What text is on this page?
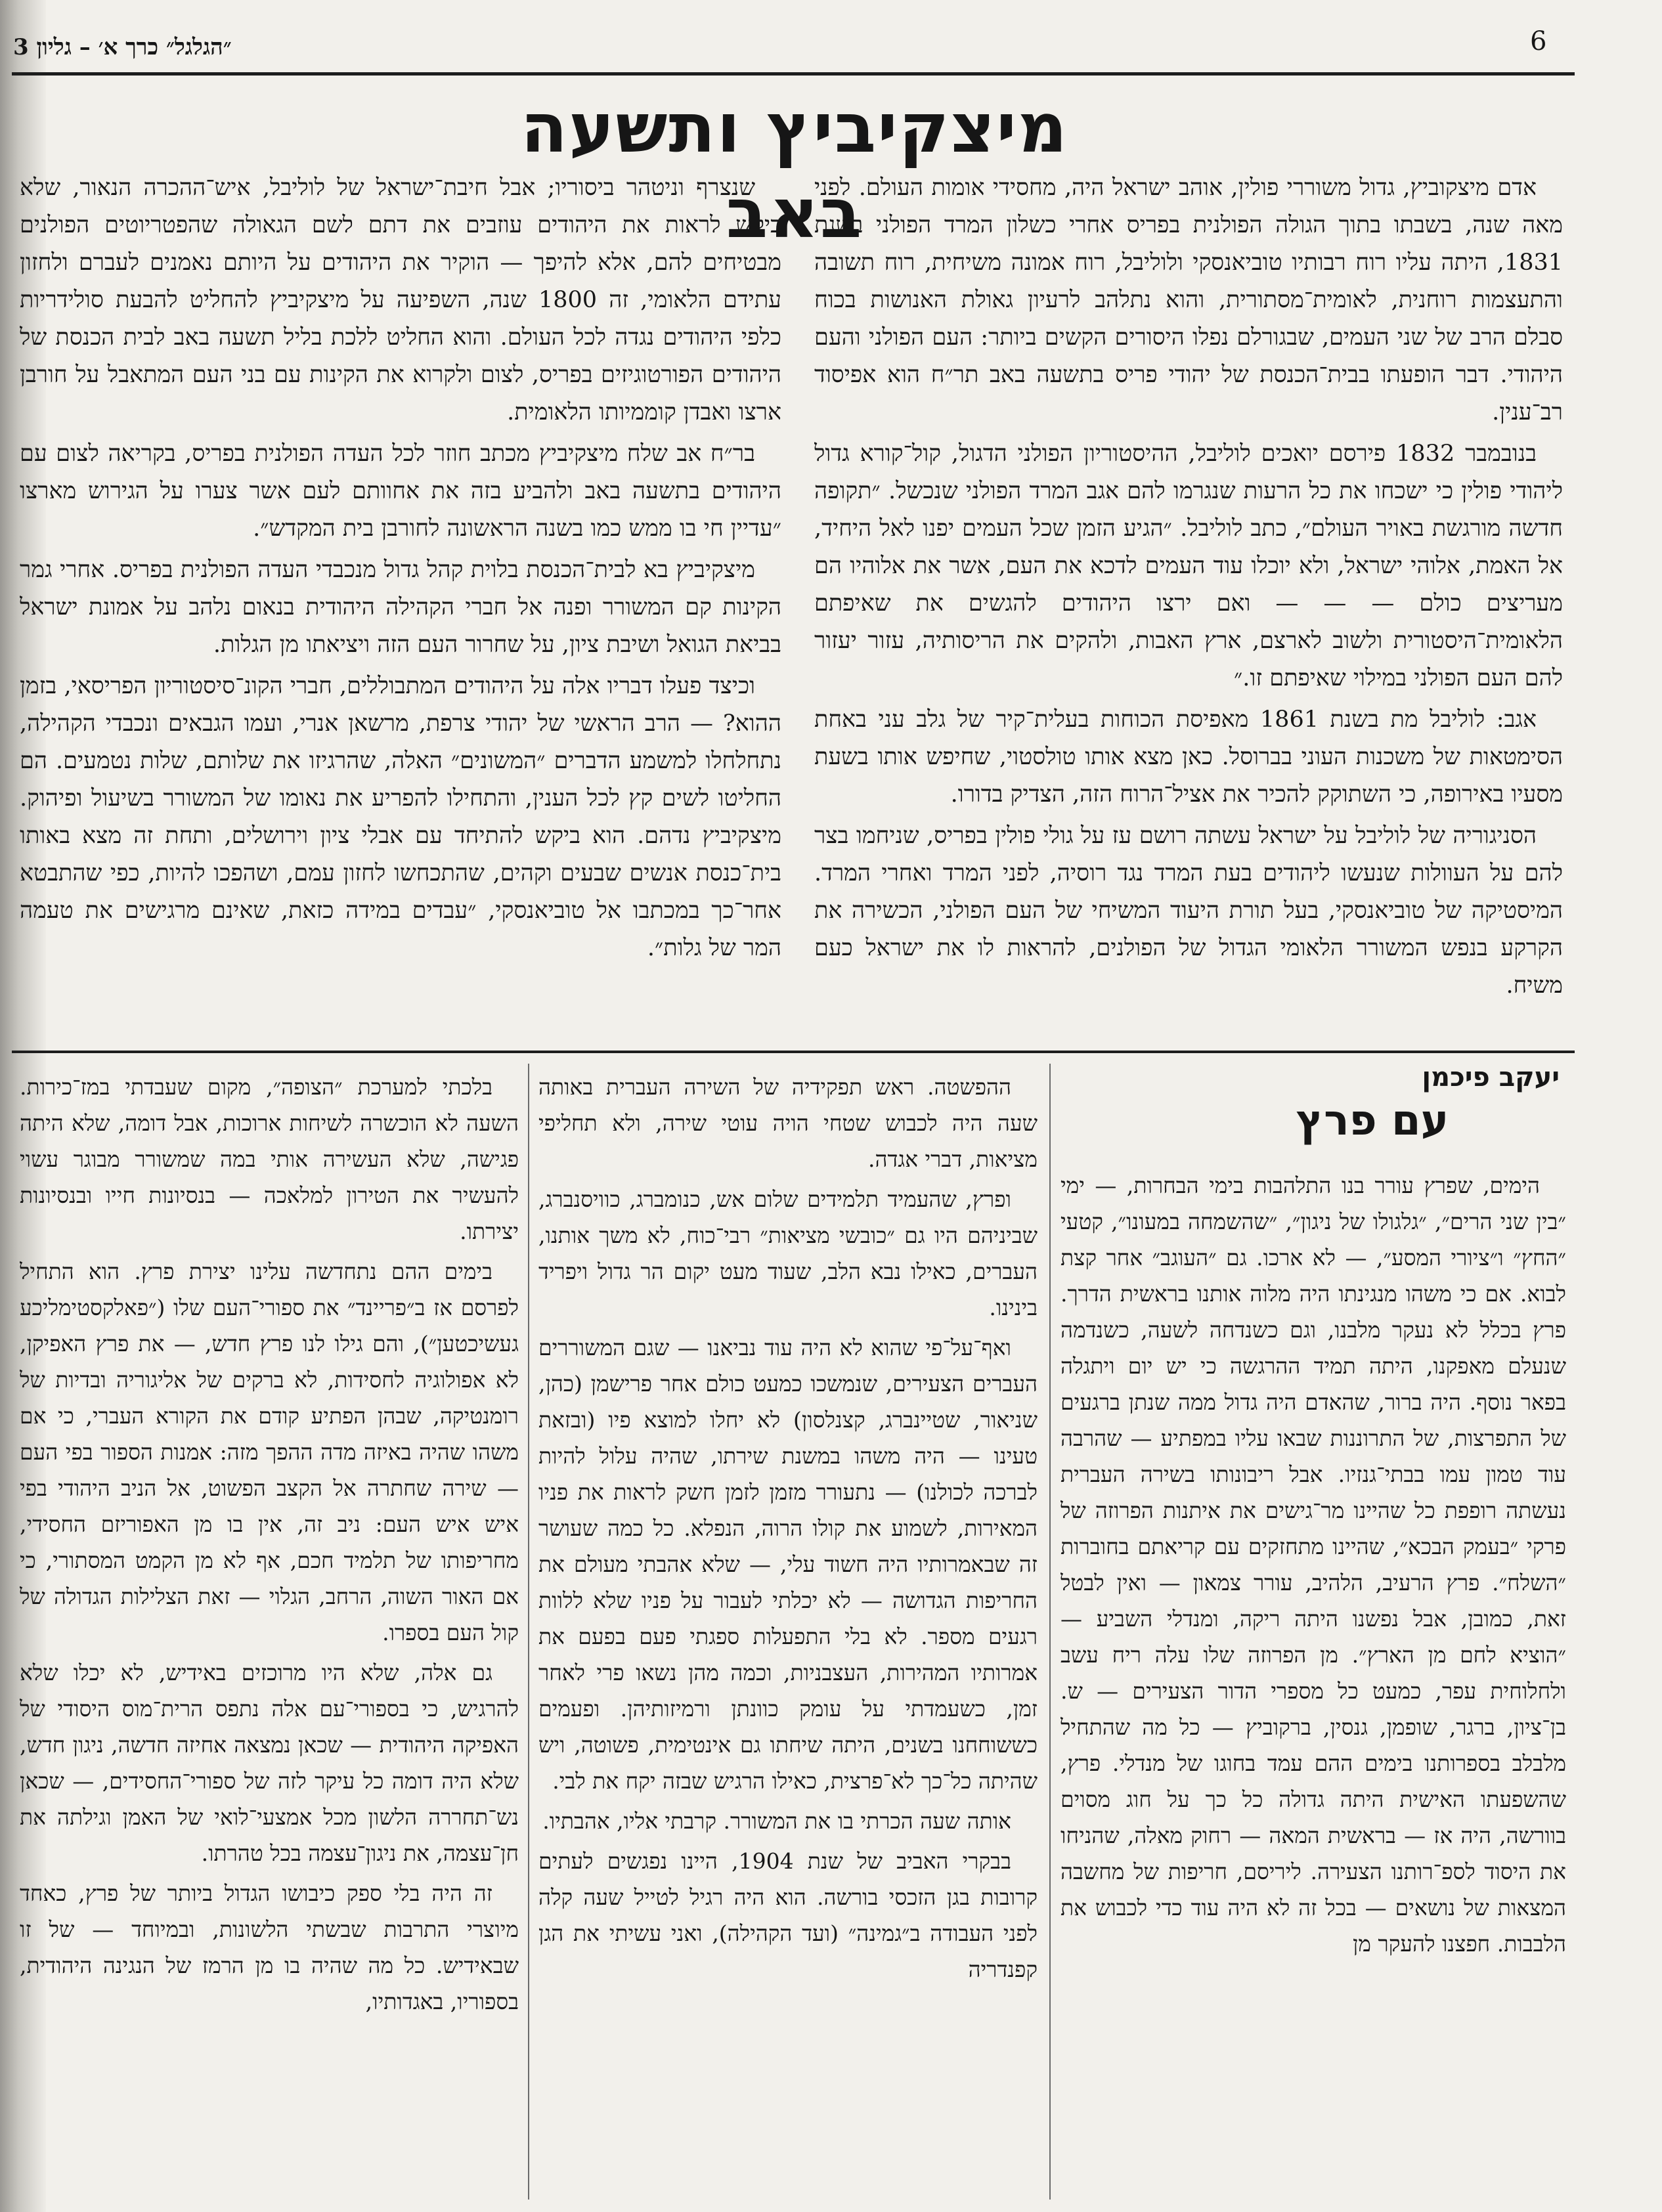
״הגלגל״ כרך א׳ – גליון 3	6
מיצקיביץ ותשעה באב

אדם מיצקוביץ, גדול משוררי פולין, אוהב ישראל היה, מחסידי אומות העולם. לפני מאה שנה, בשבתו בתוך הגולה הפולנית בפריס אחרי כשלון המרד הפולני בשנת 1831, היתה עליו רוח רבותיו טוביאנסקי ולוליבל, רוח אמונה משיחית, רוח תשובה והתעצמות רוחנית, לאומית־מסתורית, והוא נתלהב לרעיון גאולת האנושות בכוח סבלם הרב של שני העמים, שבגורלם נפלו היסורים הקשים ביותר: העם הפולני והעם היהודי. דבר הופעתו בבית־הכנסת של יהודי פריס בתשעה באב תר״ח הוא אפיסוד רב־ענין.

בנובמבר 1832 פירסם יואכים לוליבל, ההיסטוריון הפולני הדגול, קול־קורא גדול ליהודי פולין כי ישכחו את כל הרעות שנגרמו להם אגב המרד הפולני שנכשל. ״תקופה חדשה מורגשת באויר העולם״, כתב לוליבל. ״הגיע הזמן שכל העמים יפנו לאל היחיד, אל האמת, אלוהי ישראל, ולא יוכלו עוד העמים לדכא את העם, אשר את אלוהיו הם מעריצים כולם — — — ואם ירצו היהודים להגשים את שאיפתם הלאומית־היסטורית ולשוב לארצם, ארץ האבות, ולהקים את הריסותיה, עזור יעזור להם העם הפולני במילוי שאיפתם זו.״

אגב: לוליבל מת בשנת 1861 מאפיסת הכוחות בעלית־קיר של גלב עני באחת הסימטאות של משכנות העוני בברוסל. כאן מצא אותו טולסטוי, שחיפש אותו בשעת מסעיו באירופה, כי השתוקק להכיר את אציל־הרוח הזה, הצדיק בדורו.

הסניגוריה של לוליבל על ישראל עשתה רושם עז על גולי פולין בפריס, שניחמו בצר להם על העוולות שנעשו ליהודים בעת המרד נגד רוסיה, לפני המרד ואחרי המרד. המיסטיקה של טוביאנסקי, בעל תורת היעוד המשיחי של העם הפולני, הכשירה את הקרקע בנפש המשורר הלאומי הגדול של הפולנים, להראות לו את ישראל כעם משיח.

שנצרף וניטהר ביסוריו; אבל חיבת־ישראל של לוליבל, איש־ההכרה הנאור, שלא ביקש לראות את היהודים עוזבים את דתם לשם הגאולה שהפטריוטים הפולנים מבטיחים להם, אלא להיפך — הוקיר את היהודים על היותם נאמנים לעברם ולחזון עתידם הלאומי, זה 1800 שנה, השפיעה על מיצקיביץ להחליט להבעת סולידריות כלפי היהודים נגדה לכל העולם. והוא החליט ללכת בליל תשעה באב לבית הכנסת של היהודים הפורטוגיזים בפריס, לצום ולקרוא את הקינות עם בני העם המתאבל על חורבן ארצו ואבדן קוממיותו הלאומית.

בר״ח אב שלח מיצקיביץ מכתב חוזר לכל העדה הפולנית בפריס, בקריאה לצום עם היהודים בתשעה באב ולהביע בזה את אחוותם לעם אשר צערו על הגירוש מארצו ״עדיין חי בו ממש כמו בשנה הראשונה לחורבן בית המקדש״.

מיצקיביץ בא לבית־הכנסת בלוית קהל גדול מנכבדי העדה הפולנית בפריס. אחרי גמר הקינות קם המשורר ופנה אל חברי הקהילה היהודית בנאום נלהב על אמונת ישראל בביאת הגואל ושיבת ציון, על שחרור העם הזה ויציאתו מן הגלות.

וכיצד פעלו דבריו אלה על היהודים המתבוללים, חברי הקונ־סיסטוריון הפריסאי, בזמן ההוא? — הרב הראשי של יהודי צרפת, מרשאן אנרי, ועמו הגבאים ונכבדי הקהילה, נתחלחלו למשמע הדברים ״המשונים״ האלה, שהרגיזו את שלותם, שלות נטמעים. הם החליטו לשים קץ לכל הענין, והתחילו להפריע את נאומו של המשורר בשיעול ופיהוק. מיצקיביץ נדהם. הוא ביקש להתיחד עם אבלי ציון וירושלים, ותחת זה מצא באותו בית־כנסת אנשים שבעים וקהים, שהתכחשו לחזון עמם, ושהפכו להיות, כפי שהתבטא אחר־כך במכתבו אל טוביאנסקי, ״עבדים במידה כזאת, שאינם מרגישים את טעמה המר של גלות״.

יעקב פיכמן
עם פרץ

הימים, שפרץ עורר בנו התלהבות בימי הבחרות, — ימי ״בין שני הרים״, ״גלגולו של ניגון״, ״שהשמחה במעונו״, קטעי ״החץ״ ו״ציורי המסע״, — לא ארכו. גם ״העוגב״ אחר קצת לבוא. אם כי משהו מנגינתו היה מלוה אותנו בראשית הדרך. פרץ בכלל לא נעקר מלבנו, וגם כשנדחה לשעה, כשנדמה שנעלם מאפקנו, היתה תמיד ההרגשה כי יש יום ויתגלה בפאר נוסף. היה ברור, שהאדם היה גדול ממה שנתן ברגעים של התפרצות, של התרוננות שבאו עליו במפתיע — שהרבה עוד טמון עמו בבתי־גנזיו. אבל ריבונותו בשירה העברית נעשתה רופפת כל שהיינו מר־גישים את איתנות הפרוזה של פרקי ״בעמק הבכא״, שהיינו מתחזקים עם קריאתם בחוברות ״השלח״. פרץ הרעיב, הלהיב, עורר צמאון — ואין לבטל זאת, כמובן, אבל נפשנו היתה ריקה, ומנדלי השביע — ״הוציא לחם מן הארץ״. מן הפרוזה שלו עלה ריח עשב ולחלוחית עפר, כמעט כל מספרי הדור הצעירים — ש. בן־ציון, ברגר, שופמן, גנסין, ברקוביץ — כל מה שהתחיל מלבלב בספרותנו בימים ההם עמד בחוגו של מנדלי. פרץ, שהשפעתו האישית היתה גדולה כל כך על חוג מסוים בוורשה, היה אז — בראשית המאה — רחוק מאלה, שהניחו את היסוד לספ־רותנו הצעירה. ליריסם, חריפות של מחשבה המצאות של נושאים — בכל זה לא היה עוד כדי לכבוש את הלבבות. חפצנו להעקר מן

ההפשטה. ראש תפקידיה של השירה העברית באותה שעה היה לכבוש שטחי הויה עוטי שירה, ולא תחליפי מציאות, דברי אגדה.

ופרץ, שהעמיד תלמידים שלום אש, כנומברג, כוויסנברג, שביניהם היו גם ״כובשי מציאות״ רבי־כוח, לא משך אותנו, העברים, כאילו נבא הלב, שעוד מעט יקום הר גדול ויפריד בינינו.

ואף־על־פי שהוא לא היה עוד נביאנו — שגם המשוררים העברים הצעירים, שנמשכו כמעט כולם אחר פרישמן (כהן, שניאור, שטיינברג, קצנלסון) לא יחלו למוצא פיו (ובזאת טעינו — היה משהו במשנת שירתו, שהיה עלול להיות לברכה לכולנו) — נתעורר מזמן לזמן חשק לראות את פניו המאירות, לשמוע את קולו הרוה, הנפלא. כל כמה שעושר זה שבאמרותיו היה חשוד עלי, — שלא אהבתי מעולם את החריפות הגדושה — לא יכלתי לעבור על פניו שלא ללוות רגעים מספר. לא בלי התפעלות ספגתי פעם בפעם את אמרותיו המהירות, העצבניות, וכמה מהן נשאו פרי לאחר זמן, כשעמדתי על עומק כוונתן ורמיזותיהן. ופעמים כששוחחנו בשנים, היתה שיחתו גם אינטימית, פשוטה, ויש שהיתה כל־כך לא־פרצית, כאילו הרגיש שבזה יקח את לבי.

אותה שעה הכרתי בו את המשורר. קרבתי אליו, אהבתיו.

בבקרי האביב של שנת 1904, היינו נפגשים לעתים קרובות בגן הזכסי בורשה. הוא היה רגיל לטייל שעה קלה לפני העבודה ב״גמינה״ (ועד הקהילה), ואני עשיתי את הגן קפנדריה

בלכתי למערכת ״הצופה״, מקום שעבדתי במז־כירות. השעה לא הוכשרה לשיחות ארוכות, אבל דומה, שלא היתה פגישה, שלא העשירה אותי במה שמשורר מבוגר עשוי להעשיר את הטירון למלאכה — בנסיונות חייו ובנסיונות יצירתו.

בימים ההם נתחדשה עלינו יצירת פרץ. הוא התחיל לפרסם אז ב״פריינד״ את ספורי־העם שלו (״פאלקסטימליכע געשיכטען״), והם גילו לנו פרץ חדש, — את פרץ האפיקן, לא אפולוגיה לחסידות, לא ברקים של אליגוריה ובדיות של רומנטיקה, שבהן הפתיע קודם את הקורא העברי, כי אם משהו שהיה באיזה מדה ההפך מזה: אמנות הספור בפי העם — שירה שחתרה אל הקצב הפשוט, אל הניב היהודי בפי איש איש העם: ניב זה, אין בו מן האפוריזם החסידי, מחריפותו של תלמיד חכם, אף לא מן הקמט המסתורי, כי אם האור השוה, הרחב, הגלוי — זאת הצלילות הגדולה של קול העם בספרו.

גם אלה, שלא היו מרוכזים באידיש, לא יכלו שלא להרגיש, כי בספורי־עם אלה נתפס הרית־מוס היסודי של האפיקה היהודית — שכאן נמצאה אחיזה חדשה, ניגון חדש, שלא היה דומה כל עיקר לזה של ספורי־החסידים, — שכאן נש־תחררה הלשון מכל אמצעי־לואי של האמן וגילתה את חן־עצמה, את ניגון־עצמה בכל טהרתו.

זה היה בלי ספק כיבושו הגדול ביותר של פרץ, כאחד מיוצרי התרבות שבשתי הלשונות, ובמיוחד — של זו שבאידיש. כל מה שהיה בו מן הרמז של הנגינה היהודית, בספוריו, באגדותיו,
